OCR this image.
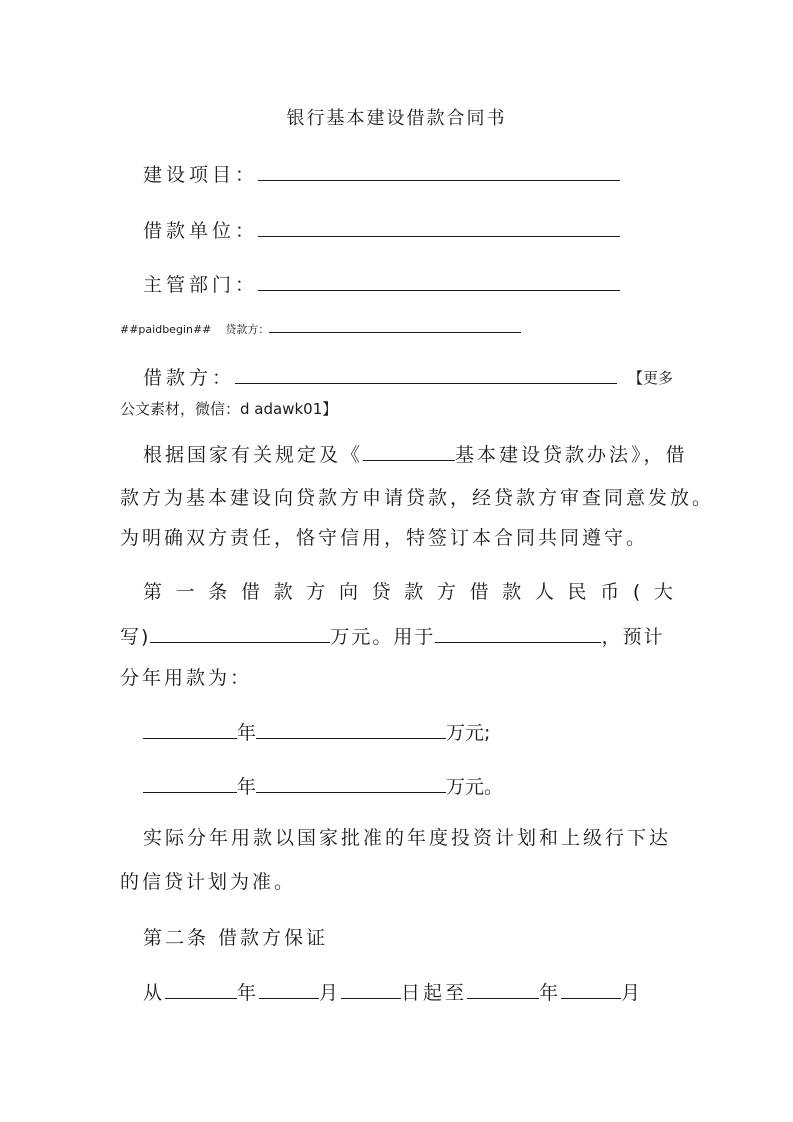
银行基本建设借款合同书
建设项目：
借款单位：
主管部门：
##paidbegin## 贷款方：
借款方：	【更多
公文素材，微信：d adawk01】
根据国家有关规定及《	基本建设贷款办法》，借
款方为基本建设向贷款方申请贷款，经贷款方审查同意发放。
为明确双方责任，恪守信用，特签订本合同共同遵守。
第 一 条 借 款 方 向 贷 款 方 借 款 人 民 币 ( 大
写)	万元。用于	，预计
分年用款为：
年	万元;
年	万元。
实际分年用款以国家批准的年度投资计划和上级行下达
的信贷计划为准。
第二条 借款方保证
从	年	月	日起至	年	月
